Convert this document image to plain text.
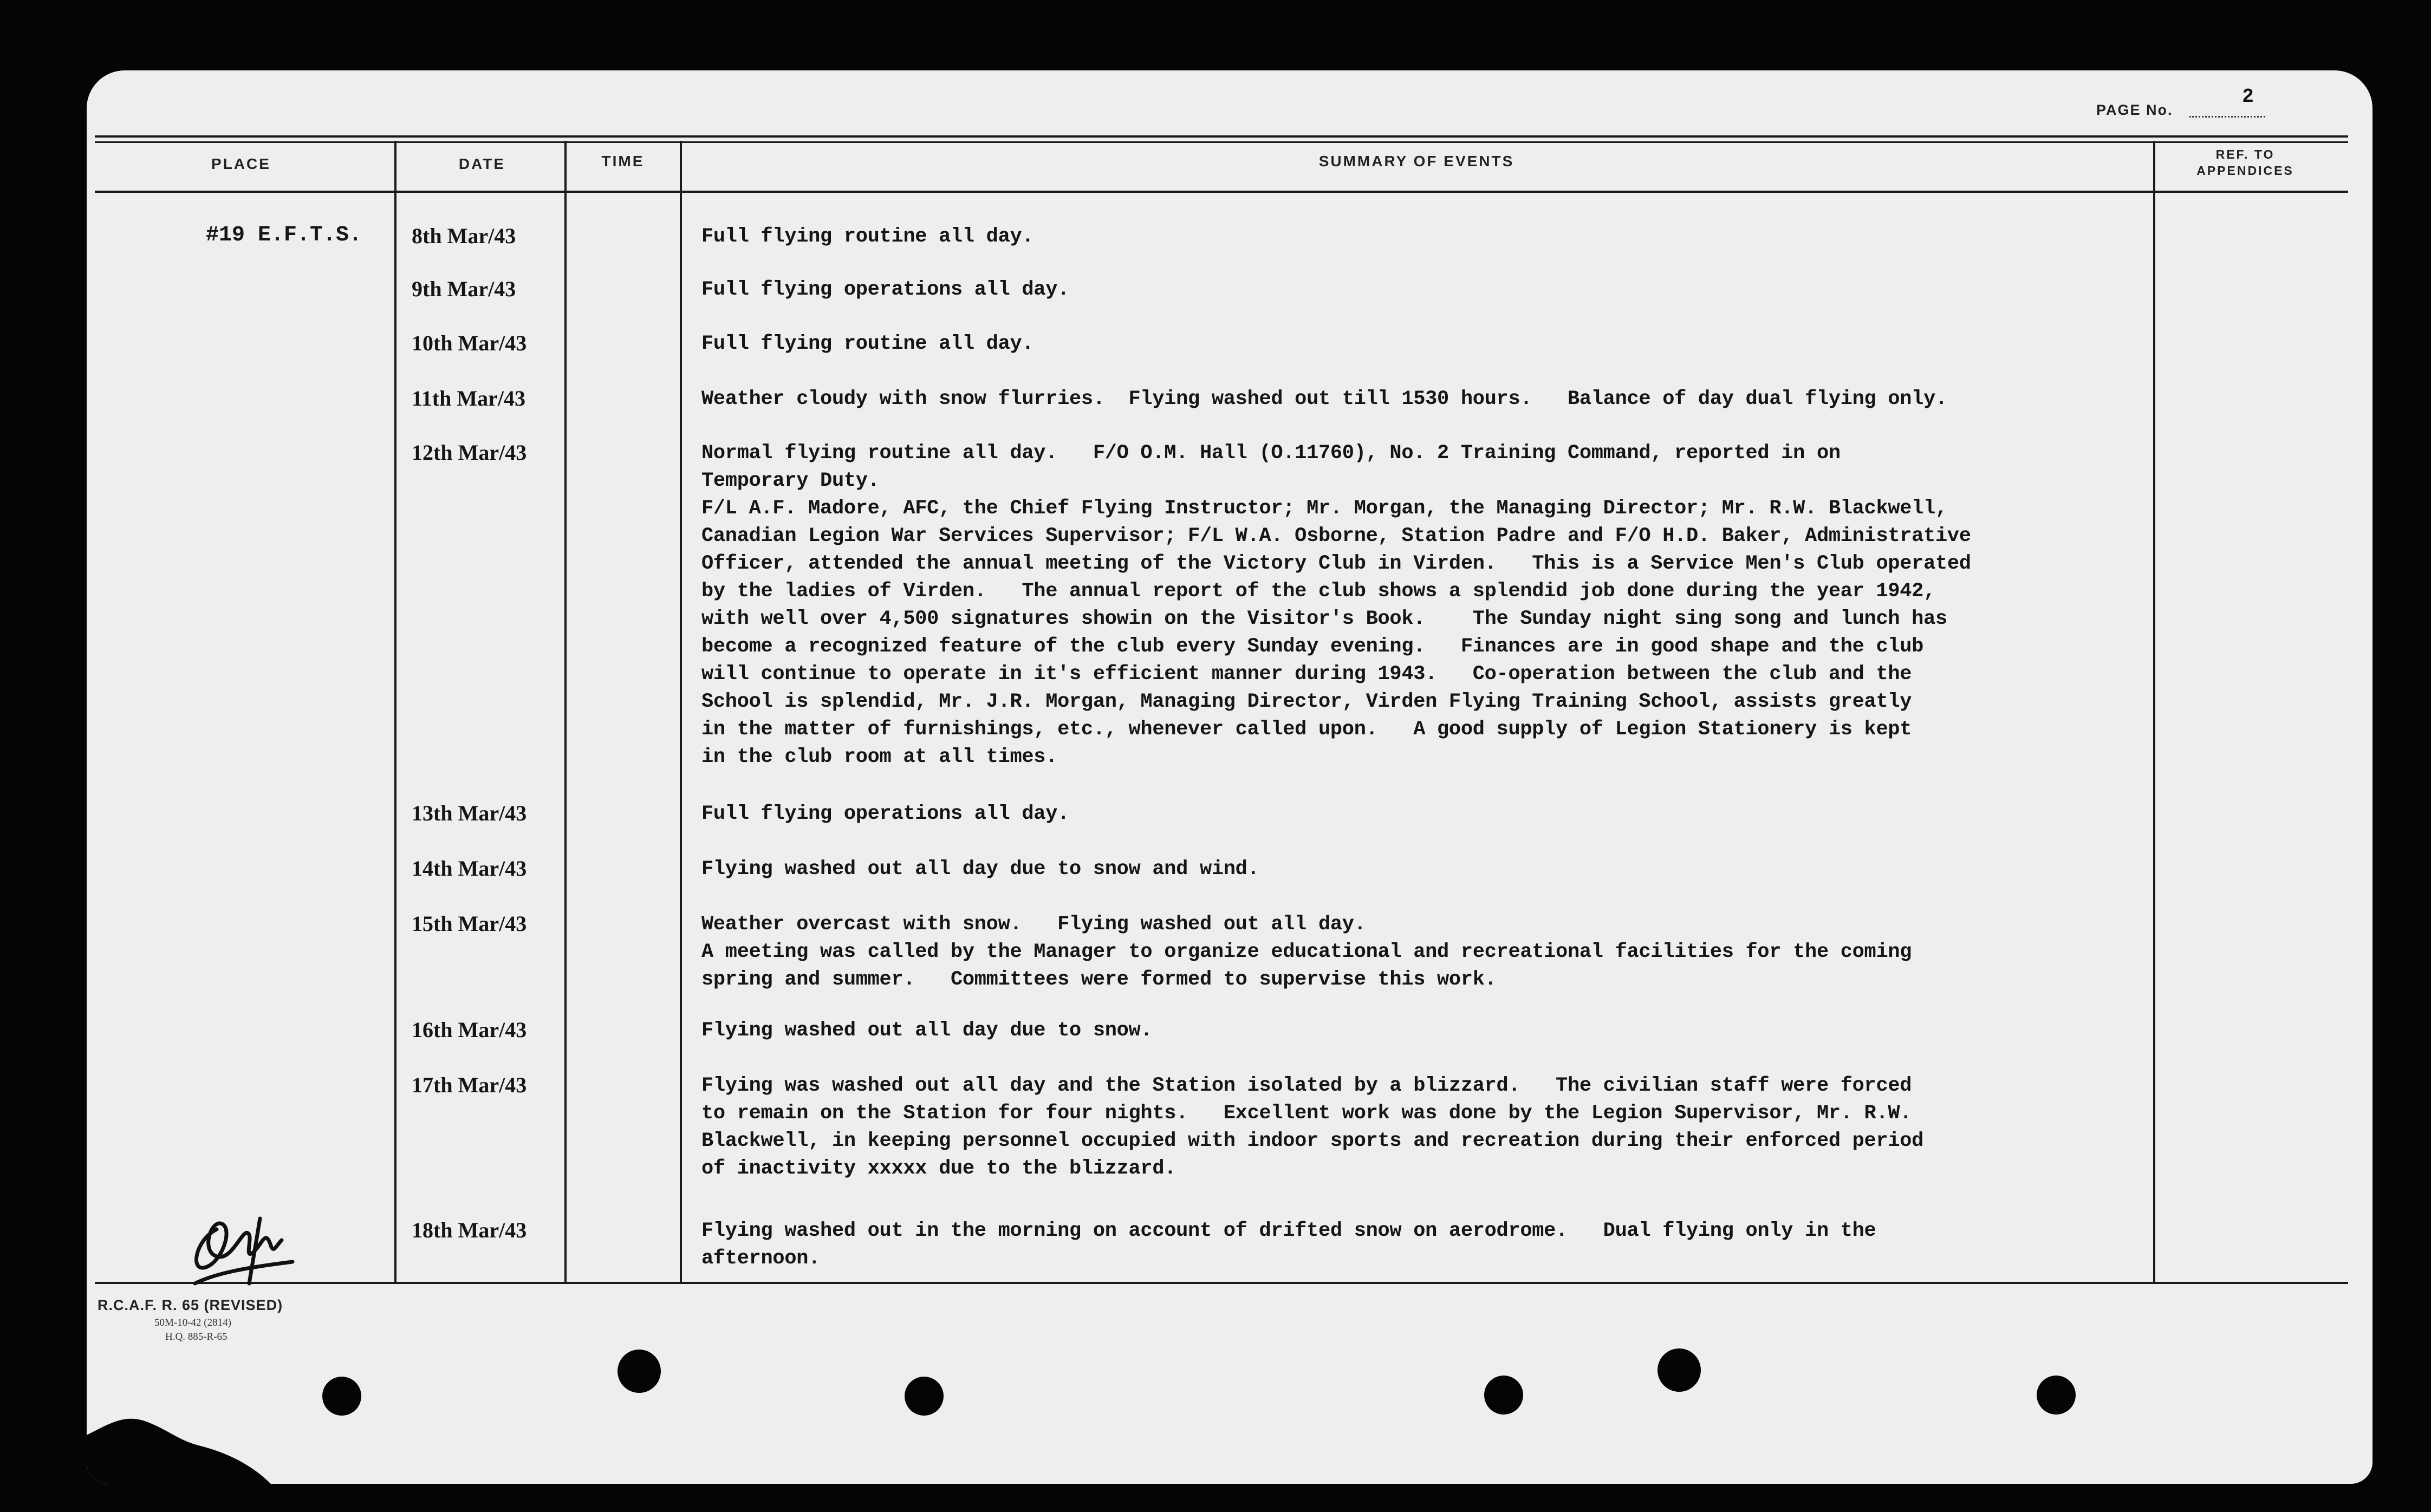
PAGE No.
2
PLACE	DATE	TIME	SUMMARY OF EVENTS	REF. TO
APPENDICES
#19 E.F.T.S.	8th Mar/43	Full flying routine all day.
9th Mar/43	Full flying operations all day.
10th Mar/43	Full flying routine all day.
11th Mar/43	Weather cloudy with snow flurries.  Flying washed out till 1530 hours.   Balance of day dual flying only.
12th Mar/43	Normal flying routine all day.   F/O O.M. Hall (O.11760), No. 2 Training Command, reported in on
Temporary Duty.
F/L A.F. Madore, AFC, the Chief Flying Instructor; Mr. Morgan, the Managing Director; Mr. R.W. Blackwell,
Canadian Legion War Services Supervisor; F/L W.A. Osborne, Station Padre and F/O H.D. Baker, Administrative
Officer, attended the annual meeting of the Victory Club in Virden.   This is a Service Men's Club operated
by the ladies of Virden.   The annual report of the club shows a splendid job done during the year 1942,
with well over 4,500 signatures showin on the Visitor's Book.    The Sunday night sing song and lunch has
become a recognized feature of the club every Sunday evening.   Finances are in good shape and the club
will continue to operate in it's efficient manner during 1943.   Co-operation between the club and the
School is splendid, Mr. J.R. Morgan, Managing Director, Virden Flying Training School, assists greatly
in the matter of furnishings, etc., whenever called upon.   A good supply of Legion Stationery is kept
in the club room at all times.
13th Mar/43	Full flying operations all day.
14th Mar/43	Flying washed out all day due to snow and wind.
15th Mar/43	Weather overcast with snow.   Flying washed out all day.
A meeting was called by the Manager to organize educational and recreational facilities for the coming
spring and summer.   Committees were formed to supervise this work.
16th Mar/43	Flying washed out all day due to snow.
17th Mar/43	Flying was washed out all day and the Station isolated by a blizzard.   The civilian staff were forced
to remain on the Station for four nights.   Excellent work was done by the Legion Supervisor, Mr. R.W.
Blackwell, in keeping personnel occupied with indoor sports and recreation during their enforced period
of inactivity xxxxx due to the blizzard.
18th Mar/43	Flying washed out in the morning on account of drifted snow on aerodrome.   Dual flying only in the
afternoon.
R.C.A.F. R. 65 (REVISED)
50M-10-42 (2814)
H.Q. 885-R-65
